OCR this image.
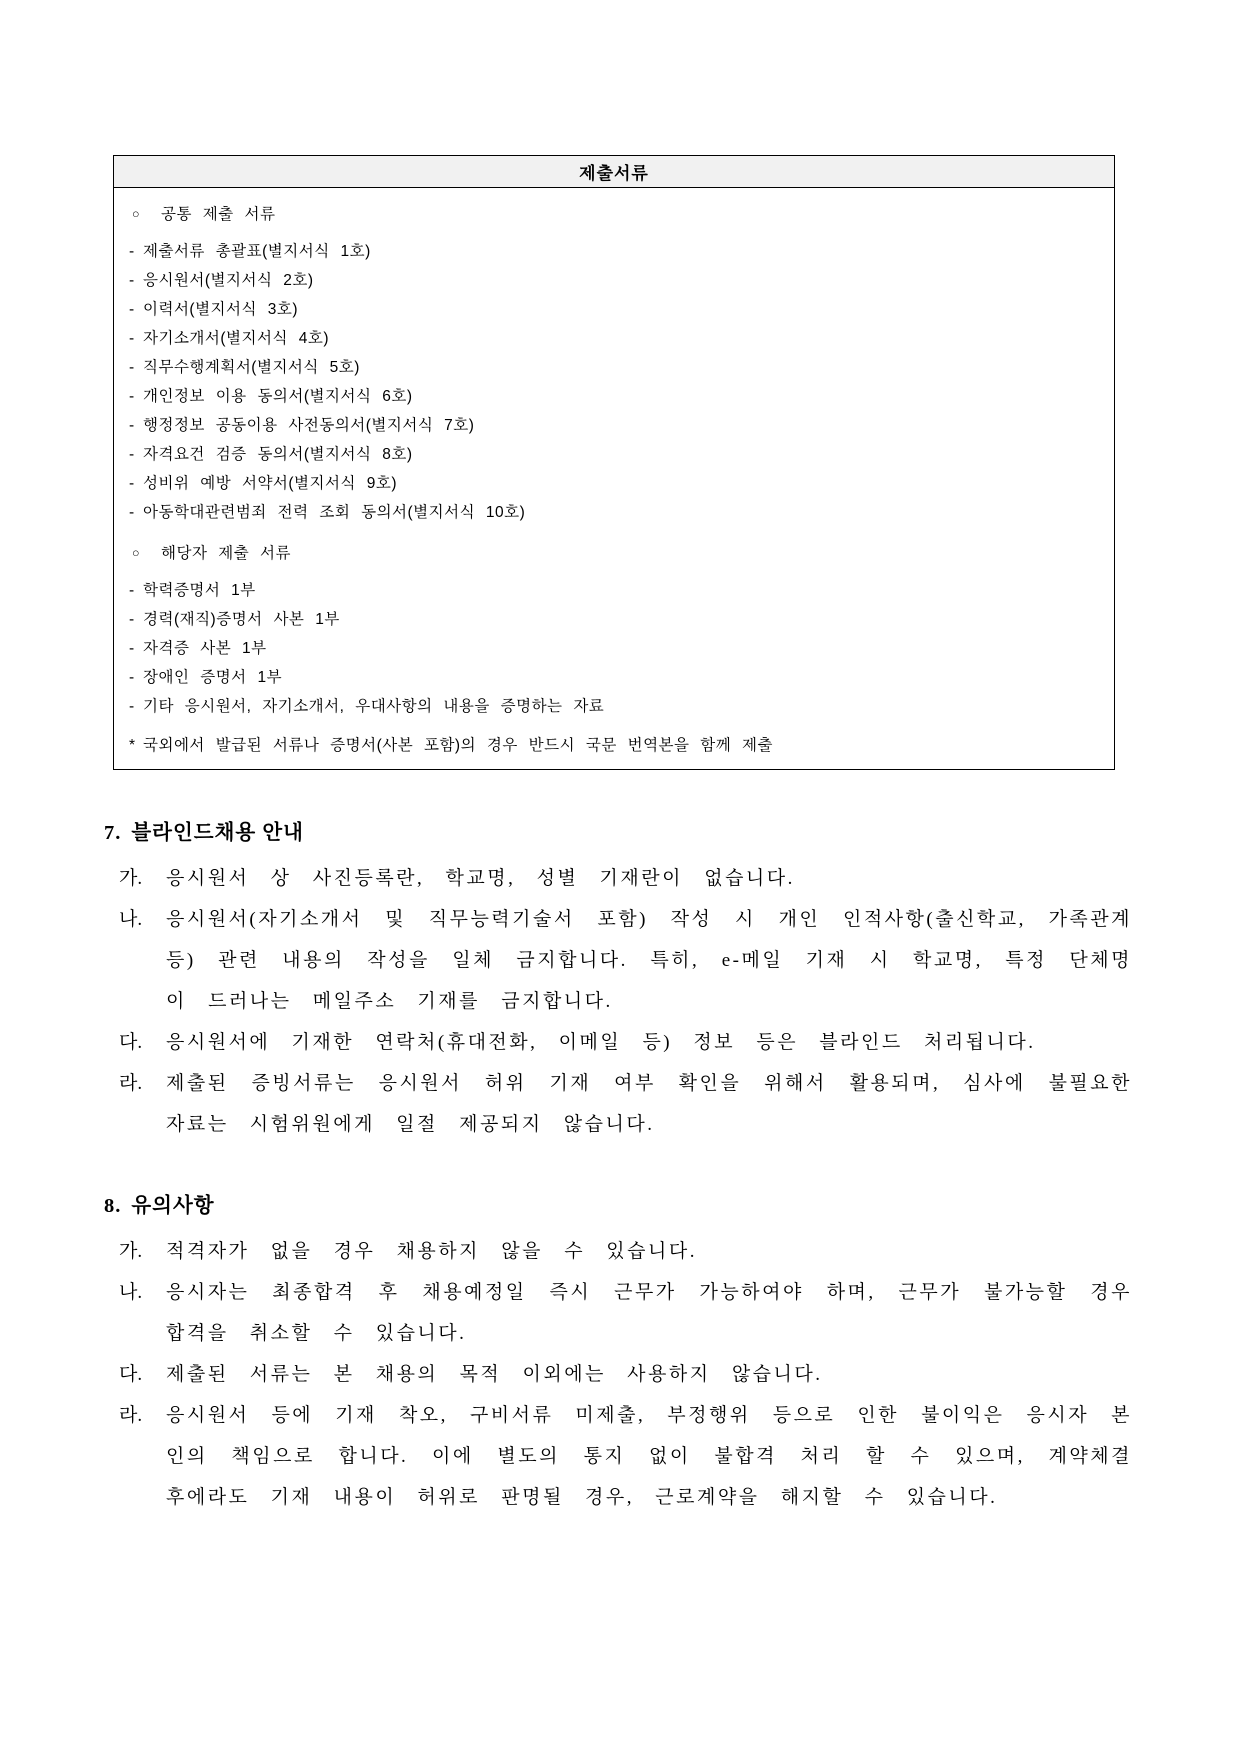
제출서류
○	공통 제출 서류
- 제출서류 총괄표(별지서식 1호)
- 응시원서(별지서식 2호)
- 이력서(별지서식 3호)
- 자기소개서(별지서식 4호)
- 직무수행계획서(별지서식 5호)
- 개인정보 이용 동의서(별지서식 6호)
- 행정정보 공동이용 사전동의서(별지서식 7호)
- 자격요건 검증 동의서(별지서식 8호)
- 성비위 예방 서약서(별지서식 9호)
- 아동학대관련범죄 전력 조회 동의서(별지서식 10호)
○	해당자 제출 서류
- 학력증명서 1부
- 경력(재직)증명서 사본 1부
- 자격증 사본 1부
- 장애인 증명서 1부
- 기타 응시원서, 자기소개서, 우대사항의 내용을 증명하는 자료
* 국외에서 발급된 서류나 증명서(사본 포함)의 경우 반드시 국문 번역본을 함께 제출
7. 블라인드채용 안내
가. 응시원서 상 사진등록란, 학교명, 성별 기재란이 없습니다.
나. 응시원서(자기소개서 및 직무능력기술서 포함) 작성 시 개인 인적사항(출신학교, 가족관계 등) 관련 내용의 작성을 일체 금지합니다. 특히, e-메일 기재 시 학교명, 특정 단체명이 드러나는 메일주소 기재를 금지합니다.
다. 응시원서에 기재한 연락처(휴대전화, 이메일 등) 정보 등은 블라인드 처리됩니다.
라. 제출된 증빙서류는 응시원서 허위 기재 여부 확인을 위해서 활용되며, 심사에 불필요한 자료는 시험위원에게 일절 제공되지 않습니다.
8. 유의사항
가. 적격자가 없을 경우 채용하지 않을 수 있습니다.
나. 응시자는 최종합격 후 채용예정일 즉시 근무가 가능하여야 하며, 근무가 불가능할 경우 합격을 취소할 수 있습니다.
다. 제출된 서류는 본 채용의 목적 이외에는 사용하지 않습니다.
라. 응시원서 등에 기재 착오, 구비서류 미제출, 부정행위 등으로 인한 불이익은 응시자 본인의 책임으로 합니다. 이에 별도의 통지 없이 불합격 처리 할 수 있으며, 계약체결 후에라도 기재 내용이 허위로 판명될 경우, 근로계약을 해지할 수 있습니다.
